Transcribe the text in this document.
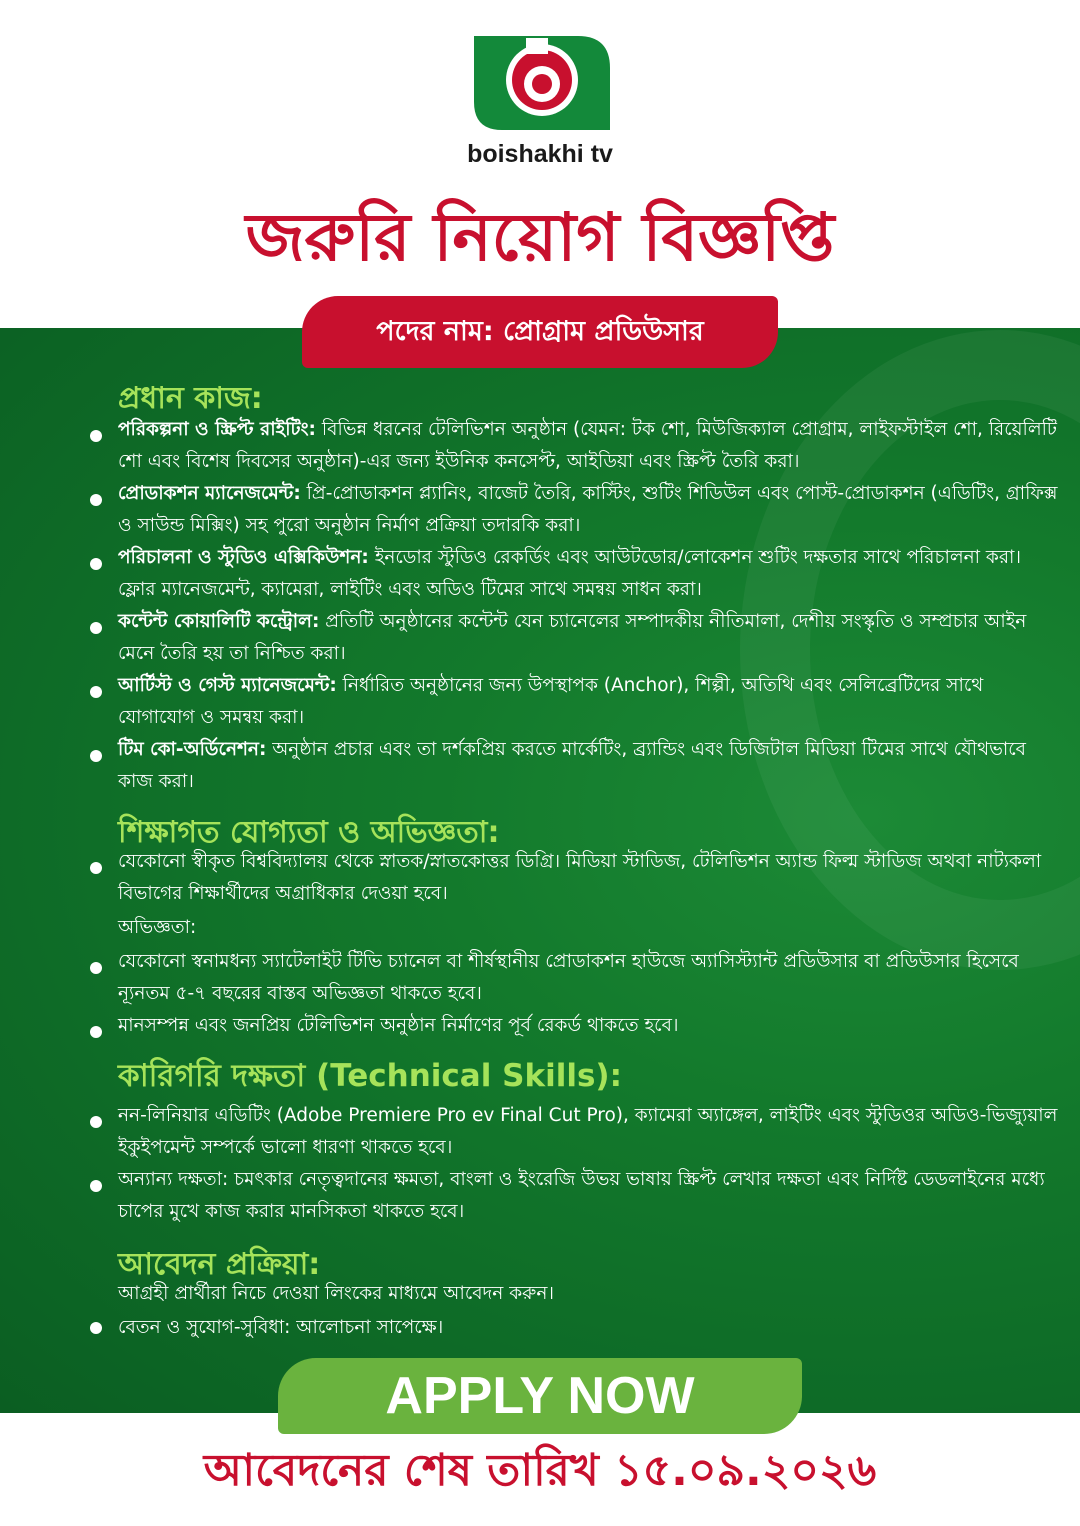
boishakhi tv
জরুরি নিয়োগ বিজ্ঞপ্তি
পদের নাম: প্রোগ্রাম প্রডিউসার
প্রধান কাজ:
পরিকল্পনা ও স্ক্রিপ্ট রাইটিং: বিভিন্ন ধরনের টেলিভিশন অনুষ্ঠান (যেমন: টক শো, মিউজিক্যাল প্রোগ্রাম, লাইফস্টাইল শো, রিয়েলিটি শো এবং বিশেষ দিবসের অনুষ্ঠান)-এর জন্য ইউনিক কনসেপ্ট, আইডিয়া এবং স্ক্রিপ্ট তৈরি করা।
প্রোডাকশন ম্যানেজমেন্ট: প্রি-প্রোডাকশন প্ল্যানিং, বাজেট তৈরি, কাস্টিং, শুটিং শিডিউল এবং পোস্ট-প্রোডাকশন (এডিটিং, গ্রাফিক্স ও সাউন্ড মিক্সিং) সহ পুরো অনুষ্ঠান নির্মাণ প্রক্রিয়া তদারকি করা।
পরিচালনা ও স্টুডিও এক্সিকিউশন: ইনডোর স্টুডিও রেকর্ডিং এবং আউটডোর/লোকেশন শুটিং দক্ষতার সাথে পরিচালনা করা। ফ্লোর ম্যানেজমেন্ট, ক্যামেরা, লাইটিং এবং অডিও টিমের সাথে সমন্বয় সাধন করা।
কন্টেন্ট কোয়ালিটি কন্ট্রোল: প্রতিটি অনুষ্ঠানের কন্টেন্ট যেন চ্যানেলের সম্পাদকীয় নীতিমালা, দেশীয় সংস্কৃতি ও সম্প্রচার আইন মেনে তৈরি হয় তা নিশ্চিত করা।
আর্টিস্ট ও গেস্ট ম্যানেজমেন্ট: নির্ধারিত অনুষ্ঠানের জন্য উপস্থাপক (Anchor), শিল্পী, অতিথি এবং সেলিব্রেটিদের সাথে যোগাযোগ ও সমন্বয় করা।
টিম কো-অর্ডিনেশন: অনুষ্ঠান প্রচার এবং তা দর্শকপ্রিয় করতে মার্কেটিং, ব্র্যান্ডিং এবং ডিজিটাল মিডিয়া টিমের সাথে যৌথভাবে কাজ করা।
শিক্ষাগত যোগ্যতা ও অভিজ্ঞতা:
যেকোনো স্বীকৃত বিশ্ববিদ্যালয় থেকে স্নাতক/স্নাতকোত্তর ডিগ্রি। মিডিয়া স্টাডিজ, টেলিভিশন অ্যান্ড ফিল্ম স্টাডিজ অথবা নাট্যকলা বিভাগের শিক্ষার্থীদের অগ্রাধিকার দেওয়া হবে।
অভিজ্ঞতা:
যেকোনো স্বনামধন্য স্যাটেলাইট টিভি চ্যানেল বা শীর্ষস্থানীয় প্রোডাকশন হাউজে অ্যাসিস্ট্যান্ট প্রডিউসার বা প্রডিউসার হিসেবে ন্যূনতম ৫-৭ বছরের বাস্তব অভিজ্ঞতা থাকতে হবে।
মানসম্পন্ন এবং জনপ্রিয় টেলিভিশন অনুষ্ঠান নির্মাণের পূর্ব রেকর্ড থাকতে হবে।
কারিগরি দক্ষতা (Technical Skills):
নন-লিনিয়ার এডিটিং (Adobe Premiere Pro ev Final Cut Pro), ক্যামেরা অ্যাঙ্গেল, লাইটিং এবং স্টুডিওর অডিও-ভিজ্যুয়াল ইকুইপমেন্ট সম্পর্কে ভালো ধারণা থাকতে হবে।
অন্যান্য দক্ষতা: চমৎকার নেতৃত্বদানের ক্ষমতা, বাংলা ও ইংরেজি উভয় ভাষায় স্ক্রিপ্ট লেখার দক্ষতা এবং নির্দিষ্ট ডেডলাইনের মধ্যে চাপের মুখে কাজ করার মানসিকতা থাকতে হবে।
আবেদন প্রক্রিয়া:
আগ্রহী প্রার্থীরা নিচে দেওয়া লিংকের মাধ্যমে আবেদন করুন।
বেতন ও সুযোগ-সুবিধা: আলোচনা সাপেক্ষে।
APPLY NOW
আবেদনের শেষ তারিখ ১৫.০৯.২০২৬
